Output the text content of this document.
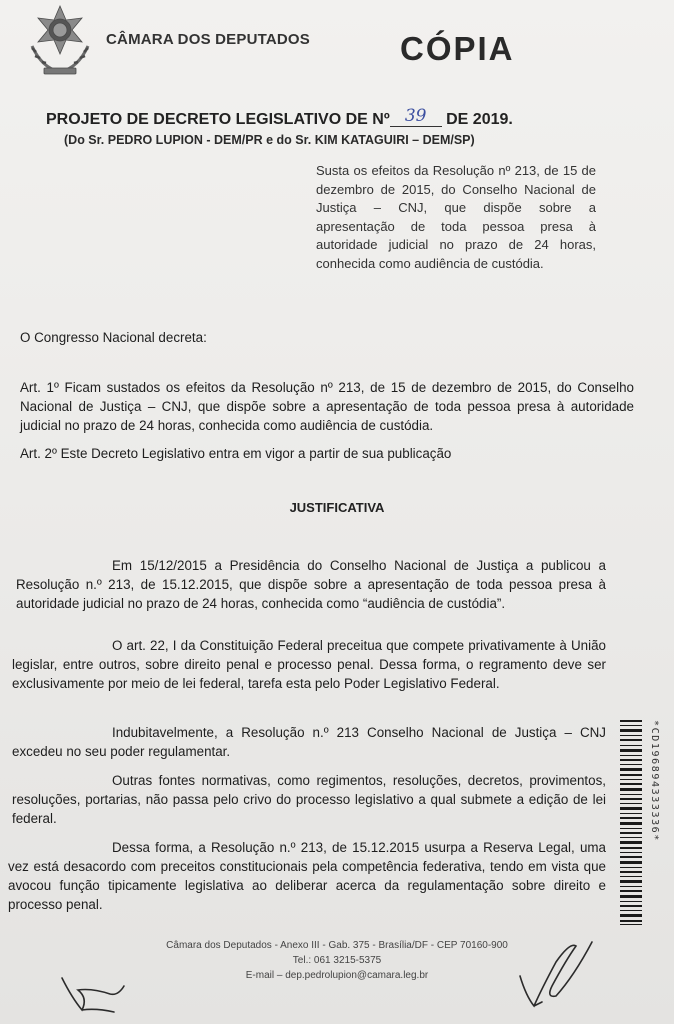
CÂMARA DOS DEPUTADOS	CÓPIA
PROJETO DE DECRETO LEGISLATIVO DE Nº 39 DE 2019.
(Do Sr. PEDRO LUPION - DEM/PR e do Sr. KIM KATAGUIRI – DEM/SP)
Susta os efeitos da Resolução nº 213, de 15 de dezembro de 2015, do Conselho Nacional de Justiça – CNJ, que dispõe sobre a apresentação de toda pessoa presa à autoridade judicial no prazo de 24 horas, conhecida como audiência de custódia.
O Congresso Nacional decreta:
Art. 1º Ficam sustados os efeitos da Resolução nº 213, de 15 de dezembro de 2015, do Conselho Nacional de Justiça – CNJ, que dispõe sobre a apresentação de toda pessoa presa à autoridade judicial no prazo de 24 horas, conhecida como audiência de custódia.
Art. 2º Este Decreto Legislativo entra em vigor a partir de sua publicação
JUSTIFICATIVA
Em 15/12/2015 a Presidência do Conselho Nacional de Justiça a publicou a Resolução n.º 213, de 15.12.2015, que dispõe sobre a apresentação de toda pessoa presa à autoridade judicial no prazo de 24 horas, conhecida como “audiência de custódia”.
O art. 22, I da Constituição Federal preceitua que compete privativamente à União legislar, entre outros, sobre direito penal e processo penal. Dessa forma, o regramento deve ser exclusivamente por meio de lei federal, tarefa esta pelo Poder Legislativo Federal.
Indubitavelmente, a Resolução n.º 213 Conselho Nacional de Justiça – CNJ excedeu no seu poder regulamentar.
Outras fontes normativas, como regimentos, resoluções, decretos, provimentos, resoluções, portarias, não passa pelo crivo do processo legislativo a qual submete a edição de lei federal.
Dessa forma, a Resolução n.º 213, de 15.12.2015 usurpa a Reserva Legal, uma vez está desacordo com preceitos constitucionais pela competência federativa, tendo em vista que avocou função tipicamente legislativa ao deliberar acerca da regulamentação sobre direito e processo penal.
*CD196894333336*
Câmara dos Deputados - Anexo III - Gab. 375 - Brasília/DF - CEP 70160-900
Tel.: 061 3215-5375
E-mail – dep.pedrolupion@camara.leg.br
